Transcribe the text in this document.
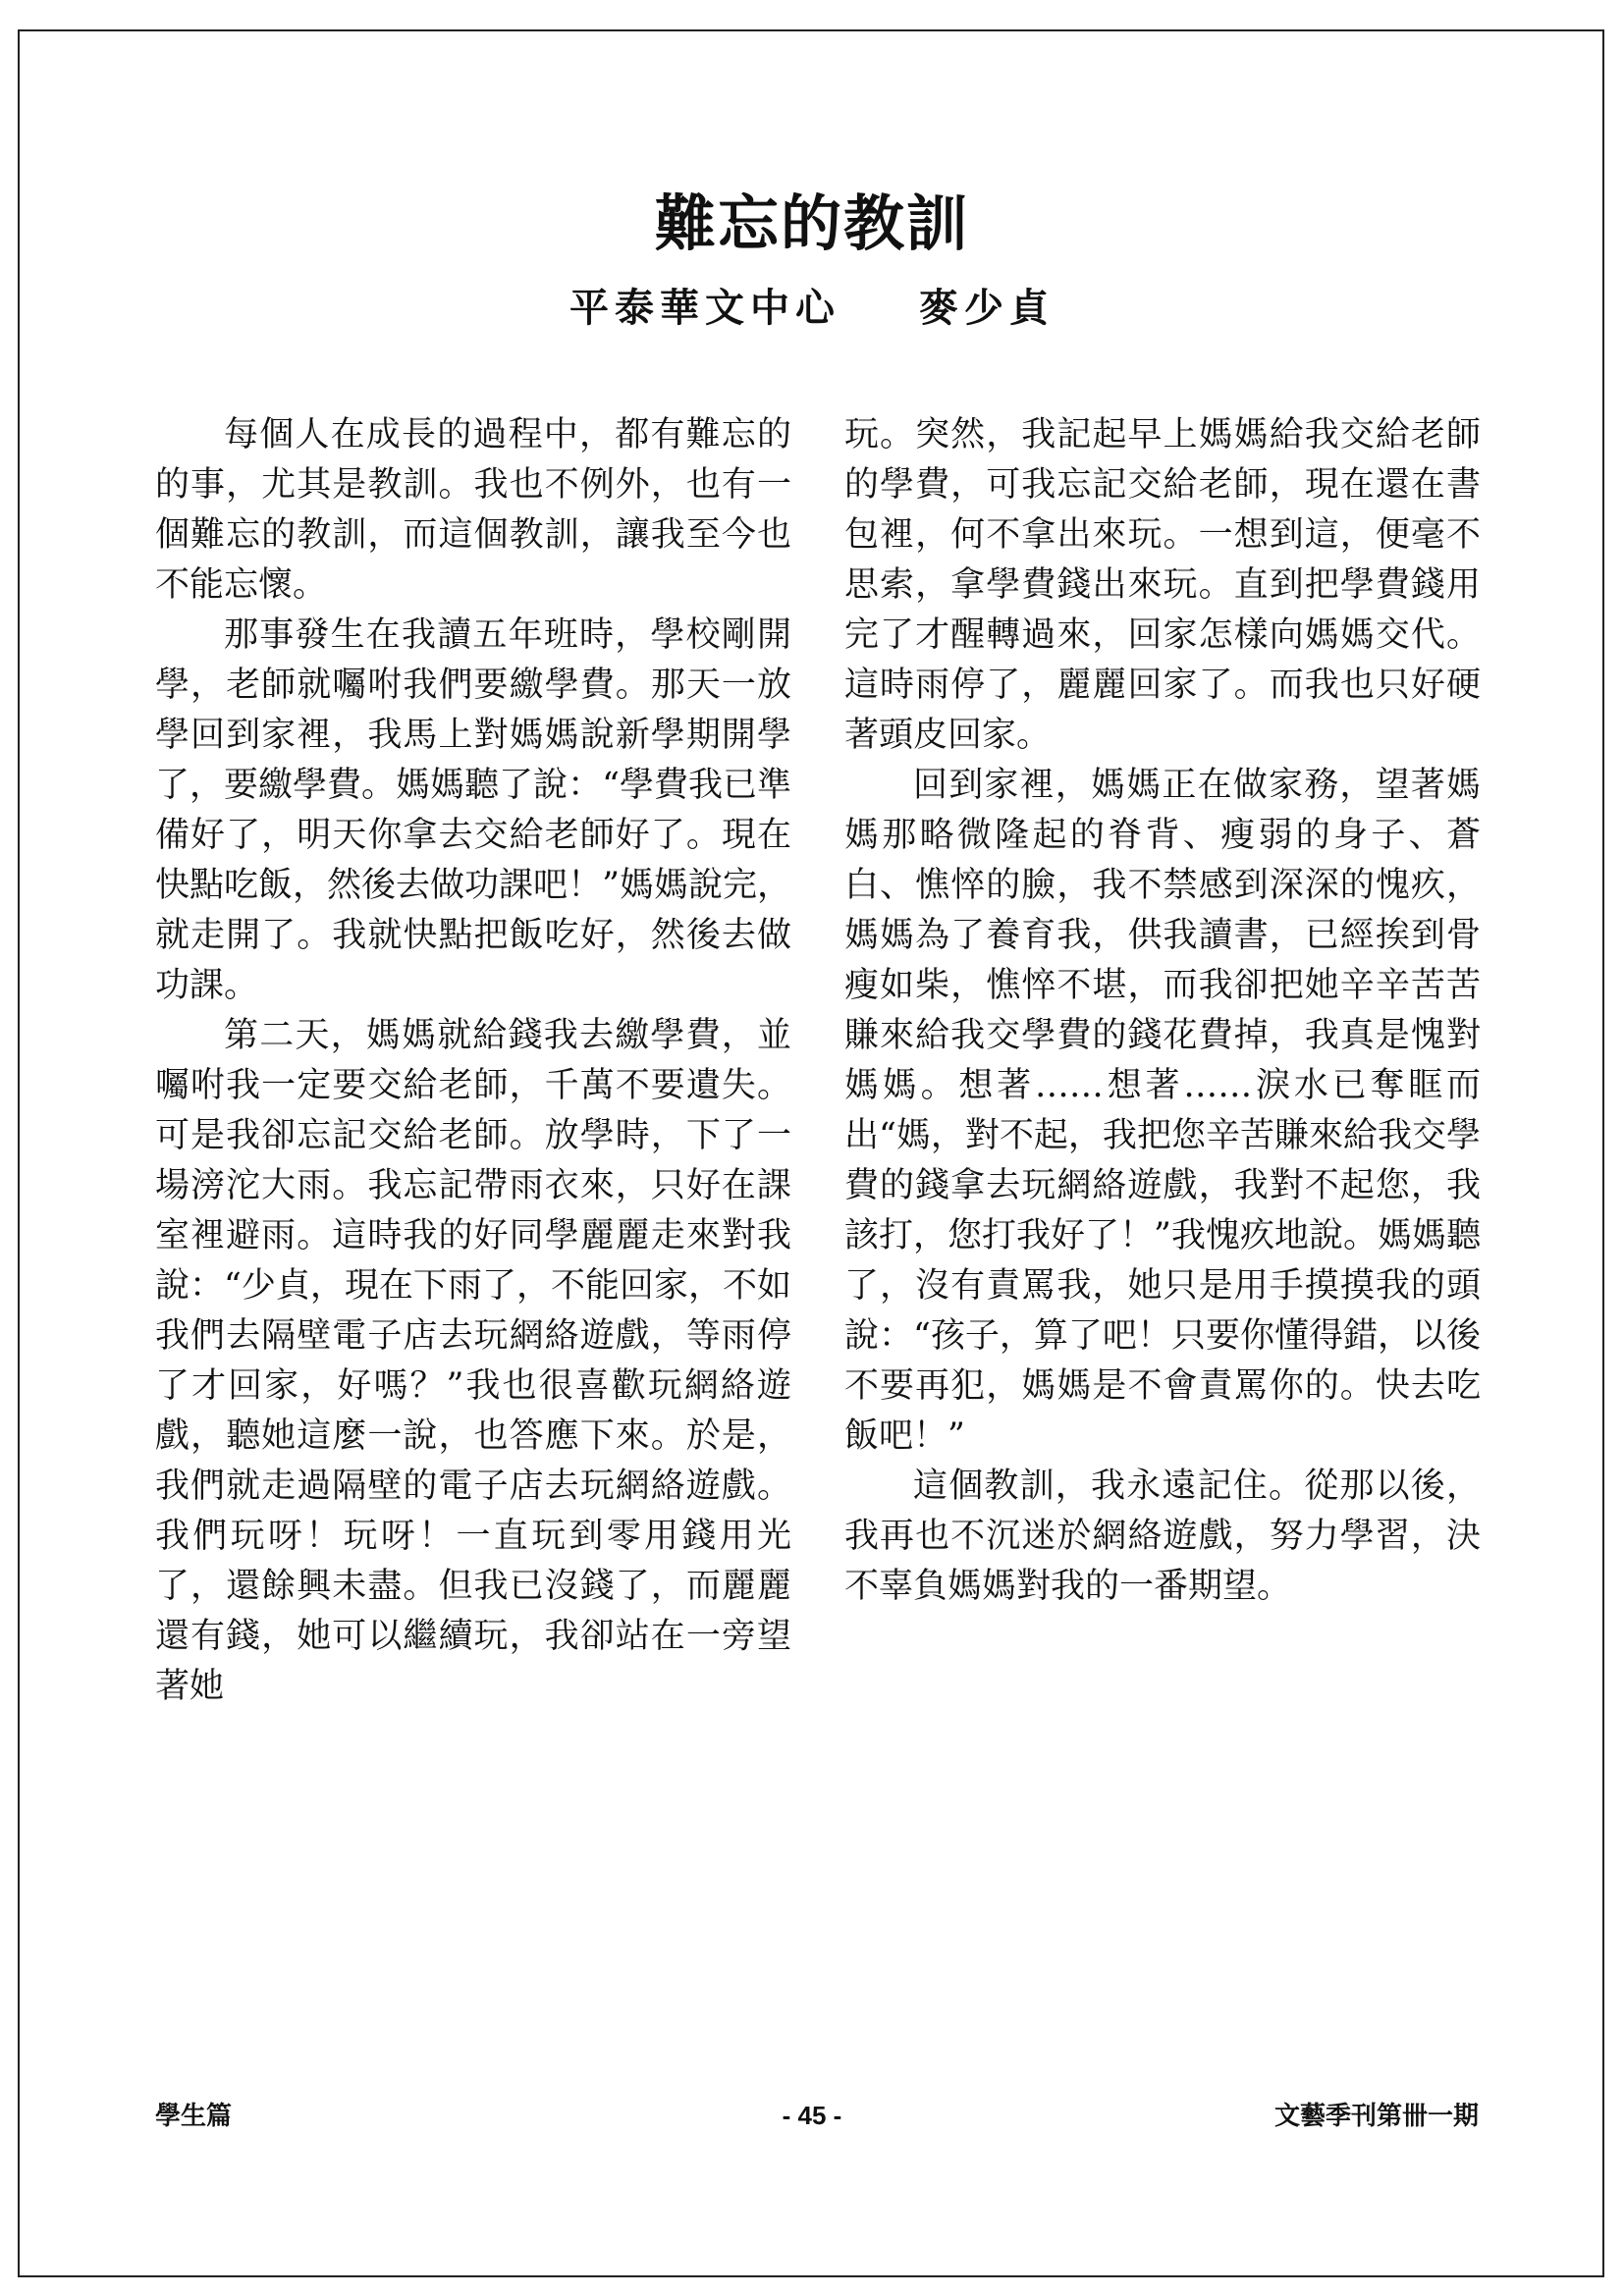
難忘的教訓
平泰華文中心 麥少貞

每個人在成長的過程中，都有難忘的的事，尤其是教訓。我也不例外，也有一個難忘的教訓，而這個教訓，讓我至今也不能忘懷。

那事發生在我讀五年班時，學校剛開學，老師就囑咐我們要繳學費。那天一放學回到家裡，我馬上對媽媽說新學期開學了，要繳學費。媽媽聽了說：“學費我已準備好了，明天你拿去交給老師好了。現在快點吃飯，然後去做功課吧！”媽媽說完，就走開了。我就快點把飯吃好，然後去做功課。

第二天，媽媽就給錢我去繳學費，並囑咐我一定要交給老師，千萬不要遺失。可是我卻忘記交給老師。放學時，下了一場滂沱大雨。我忘記帶雨衣來，只好在課室裡避雨。這時我的好同學麗麗走來對我說：“少貞，現在下雨了，不能回家，不如我們去隔壁電子店去玩網絡遊戲，等雨停了才回家，好嗎？”我也很喜歡玩網絡遊戲，聽她這麼一說，也答應下來。於是，我們就走過隔壁的電子店去玩網絡遊戲。我們玩呀！玩呀！一直玩到零用錢用光了，還餘興未盡。但我已沒錢了，而麗麗還有錢，她可以繼續玩，我卻站在一旁望著她

玩。突然，我記起早上媽媽給我交給老師的學費，可我忘記交給老師，現在還在書包裡，何不拿出來玩。一想到這，便毫不思索，拿學費錢出來玩。直到把學費錢用完了才醒轉過來，回家怎樣向媽媽交代。這時雨停了，麗麗回家了。而我也只好硬著頭皮回家。

回到家裡，媽媽正在做家務，望著媽媽那略微隆起的脊背、瘦弱的身子、蒼白、憔悴的臉，我不禁感到深深的愧疚，媽媽為了養育我，供我讀書，已經挨到骨瘦如柴，憔悴不堪，而我卻把她辛辛苦苦賺來給我交學費的錢花費掉，我真是愧對媽媽。想著……想著……淚水已奪眶而出“媽，對不起，我把您辛苦賺來給我交學費的錢拿去玩網絡遊戲，我對不起您，我該打，您打我好了！”我愧疚地說。媽媽聽了，沒有責罵我，她只是用手摸摸我的頭說：“孩子，算了吧！只要你懂得錯，以後不要再犯，媽媽是不會責罵你的。快去吃飯吧！”

這個教訓，我永遠記住。從那以後，我再也不沉迷於網絡遊戲，努力學習，決不辜負媽媽對我的一番期望。

學生篇	- 45 -	文藝季刊第卌一期
